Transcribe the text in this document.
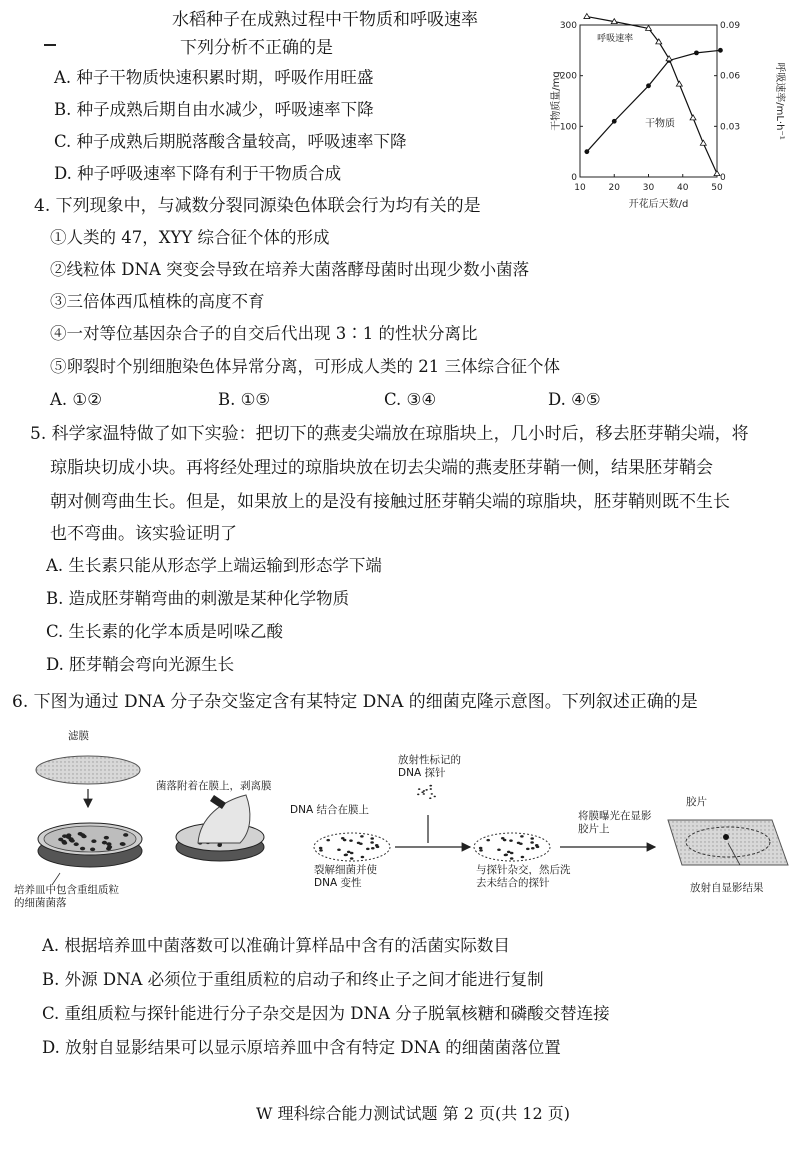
水稻种子在成熟过程中干物质和呼吸速率
下列分析不正确的是
A. 种子干物质快速积累时期，呼吸作用旺盛
B. 种子成熟后期自由水减少，呼吸速率下降
C. 种子成熟后期脱落酸含量较高，呼吸速率下降
D. 种子呼吸速率下降有利于干物质合成
10	20	30	40	50
0
100
200
300
0
0.03
0.06
0.09
开花后天数/d
干物质量/mg	呼吸速率/mL·h⁻¹
干物质
呼吸速率
4. 下列现象中，与减数分裂同源染色体联会行为均有关的是
①人类的 47，XYY 综合征个体的形成
②线粒体 DNA 突变会导致在培养大菌落酵母菌时出现少数小菌落
③三倍体西瓜植株的高度不育
④一对等位基因杂合子的自交后代出现 3∶1 的性状分离比
⑤卵裂时个别细胞染色体异常分离，可形成人类的 21 三体综合征个体
A. ①②	B. ①⑤	C. ③④	D. ④⑤
5. 科学家温特做了如下实验：把切下的燕麦尖端放在琼脂块上，几小时后，移去胚芽鞘尖端，将
琼脂块切成小块。再将经处理过的琼脂块放在切去尖端的燕麦胚芽鞘一侧，结果胚芽鞘会
朝对侧弯曲生长。但是，如果放上的是没有接触过胚芽鞘尖端的琼脂块，胚芽鞘则既不生长
也不弯曲。该实验证明了
A. 生长素只能从形态学上端运输到形态学下端
B. 造成胚芽鞘弯曲的刺激是某种化学物质
C. 生长素的化学本质是吲哚乙酸
D. 胚芽鞘会弯向光源生长
6. 下图为通过 DNA 分子杂交鉴定含有某特定 DNA 的细菌克隆示意图。下列叙述正确的是
滤膜
菌落附着在膜上，剥离膜
DNA 结合在膜上
裂解细菌并使 DNA 变性
放射性标记的 DNA 探针
与探针杂交，然后洗去未结合的探针
将膜曝光在显影胶片上
胶片
放射自显影结果
培养皿中包含重组质粒的细菌菌落
A. 根据培养皿中菌落数可以准确计算样品中含有的活菌实际数目
B. 外源 DNA 必须位于重组质粒的启动子和终止子之间才能进行复制
C. 重组质粒与探针能进行分子杂交是因为 DNA 分子脱氧核糖和磷酸交替连接
D. 放射自显影结果可以显示原培养皿中含有特定 DNA 的细菌菌落位置
W 理科综合能力测试试题 第 2 页(共 12 页)
